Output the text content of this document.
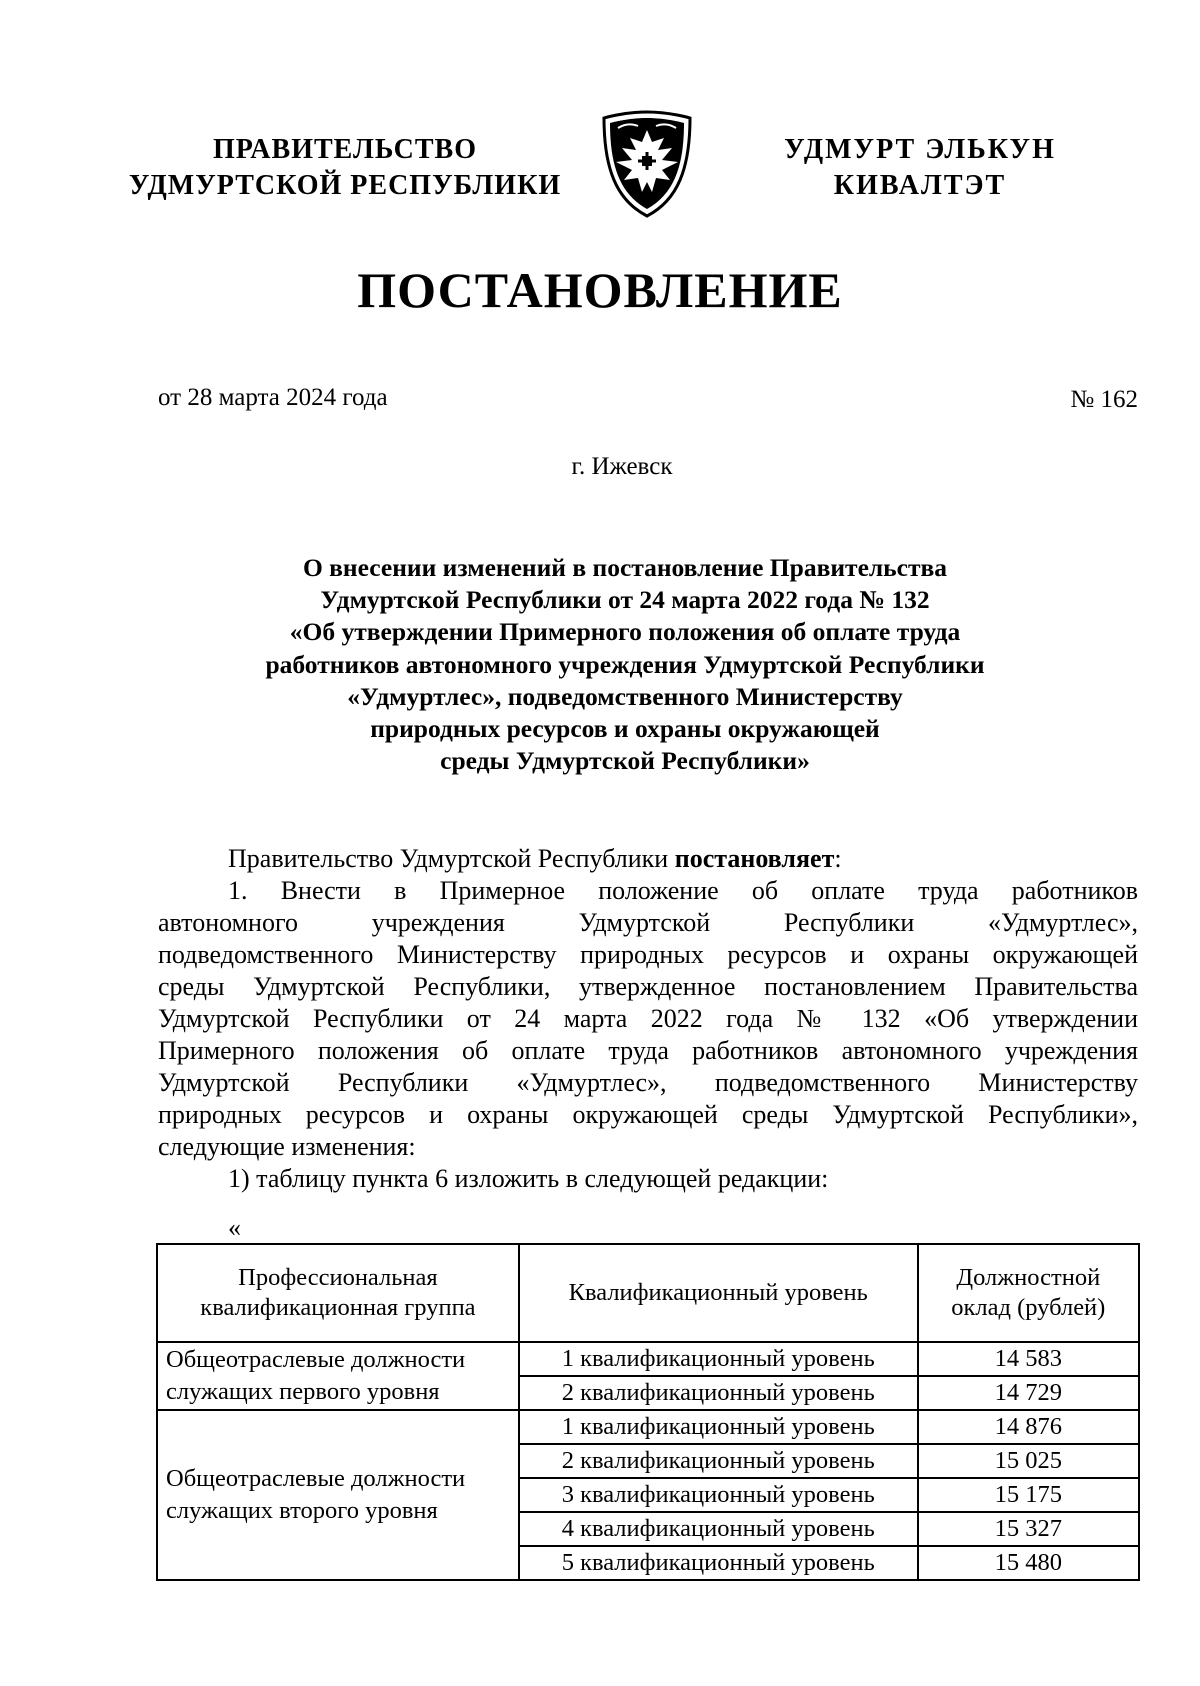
ПРАВИТЕЛЬСТВО
УДМУРТСКОЙ РЕСПУБЛИКИ
УДМУРТ ЭЛЬКУН
КИВАЛТЭТ
ПОСТАНОВЛЕНИЕ
от 28 марта 2024 года	№ 162
г. Ижевск
О внесении изменений в постановление Правительства
Удмуртской Республики от 24 марта 2022 года № 132
«Об утверждении Примерного положения об оплате труда
работников автономного учреждения Удмуртской Республики
«Удмуртлес», подведомственного Министерству
природных ресурсов и охраны окружающей
среды Удмуртской Республики»
Правительство Удмуртской Республики постановляет:
1. Внести в Примерное положение об оплате труда работников
автономного учреждения Удмуртской Республики «Удмуртлес»,
подведомственного Министерству природных ресурсов и охраны окружающей
среды Удмуртской Республики, утвержденное постановлением Правительства
Удмуртской Республики от 24 марта 2022 года № 132 «Об утверждении
Примерного положения об оплате труда работников автономного учреждения
Удмуртской Республики «Удмуртлес», подведомственного Министерству
природных ресурсов и охраны окружающей среды Удмуртской Республики»,
следующие изменения:
1) таблицу пункта 6 изложить в следующей редакции:
«
Профессиональная квалификационная группа	Квалификационный уровень	Должностной оклад (рублей)
Общеотраслевые должности служащих первого уровня	1 квалификационный уровень	14 583
	2 квалификационный уровень	14 729
Общеотраслевые должности служащих второго уровня	1 квалификационный уровень	14 876
	2 квалификационный уровень	15 025
	3 квалификационный уровень	15 175
	4 квалификационный уровень	15 327
	5 квалификационный уровень	15 480
